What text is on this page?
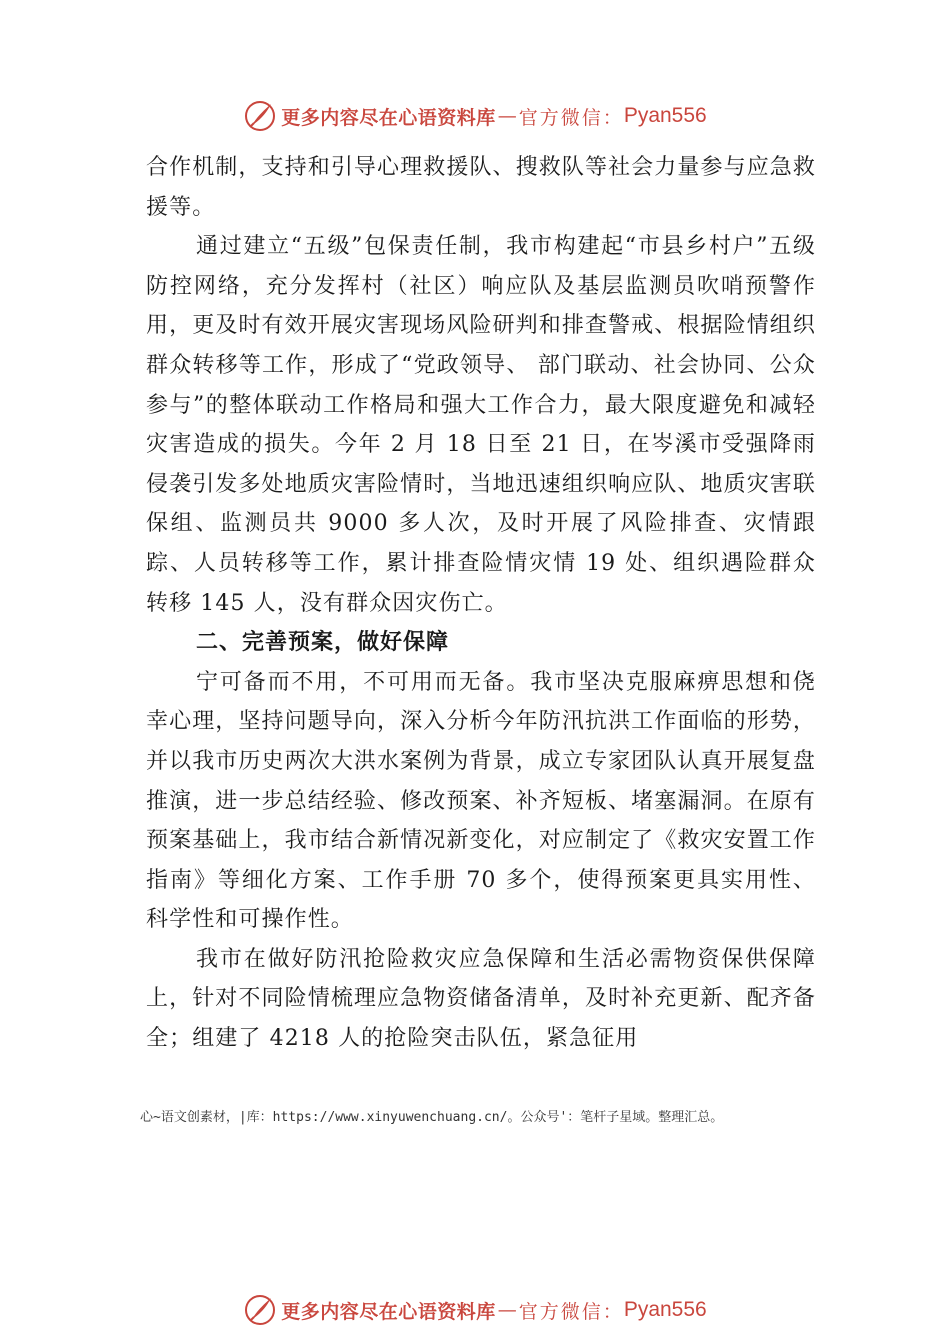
更多内容尽在心语资料库 — 官方微信： Pyan556

合作机制，支持和引导心理救援队、搜救队等社会力量参与应急救援等。

通过建立“五级”包保责任制，我市构建起“市县乡村户”五级防控网络，充分发挥村（社区）响应队及基层监测员吹哨预警作用，更及时有效开展灾害现场风险研判和排查警戒、根据险情组织群众转移等工作，形成了“党政领导、 部门联动、社会协同、公众参与”的整体联动工作格局和强大工作合力，最大限度避免和减轻灾害造成的损失。今年 2 月 18 日至 21 日，在岑溪市受强降雨侵袭引发多处地质灾害险情时，当地迅速组织响应队、地质灾害联保组、监测员共 9000 多人次，及时开展了风险排查、灾情跟踪、人员转移等工作，累计排查险情灾情 19 处、组织遇险群众转移 145 人，没有群众因灾伤亡。

二、完善预案，做好保障

宁可备而不用，不可用而无备。我市坚决克服麻痹思想和侥幸心理，坚持问题导向，深入分析今年防汛抗洪工作面临的形势，并以我市历史两次大洪水案例为背景，成立专家团队认真开展复盘推演，进一步总结经验、修改预案、补齐短板、堵塞漏洞。在原有预案基础上，我市结合新情况新变化，对应制定了《救灾安置工作指南》等细化方案、工作手册 70 多个，使得预案更具实用性、科学性和可操作性。

我市在做好防汛抢险救灾应急保障和生活必需物资保供保障上，针对不同险情梳理应急物资储备清单，及时补充更新、配齐备全；组建了 4218 人的抢险突击队伍，紧急征用

心~语文创素材，|库：https://www.xinyuwenchuang.cn/。公众号'：笔杆子星域。整理汇总。
更多内容尽在心语资料库 — 官方微信： Pyan556
